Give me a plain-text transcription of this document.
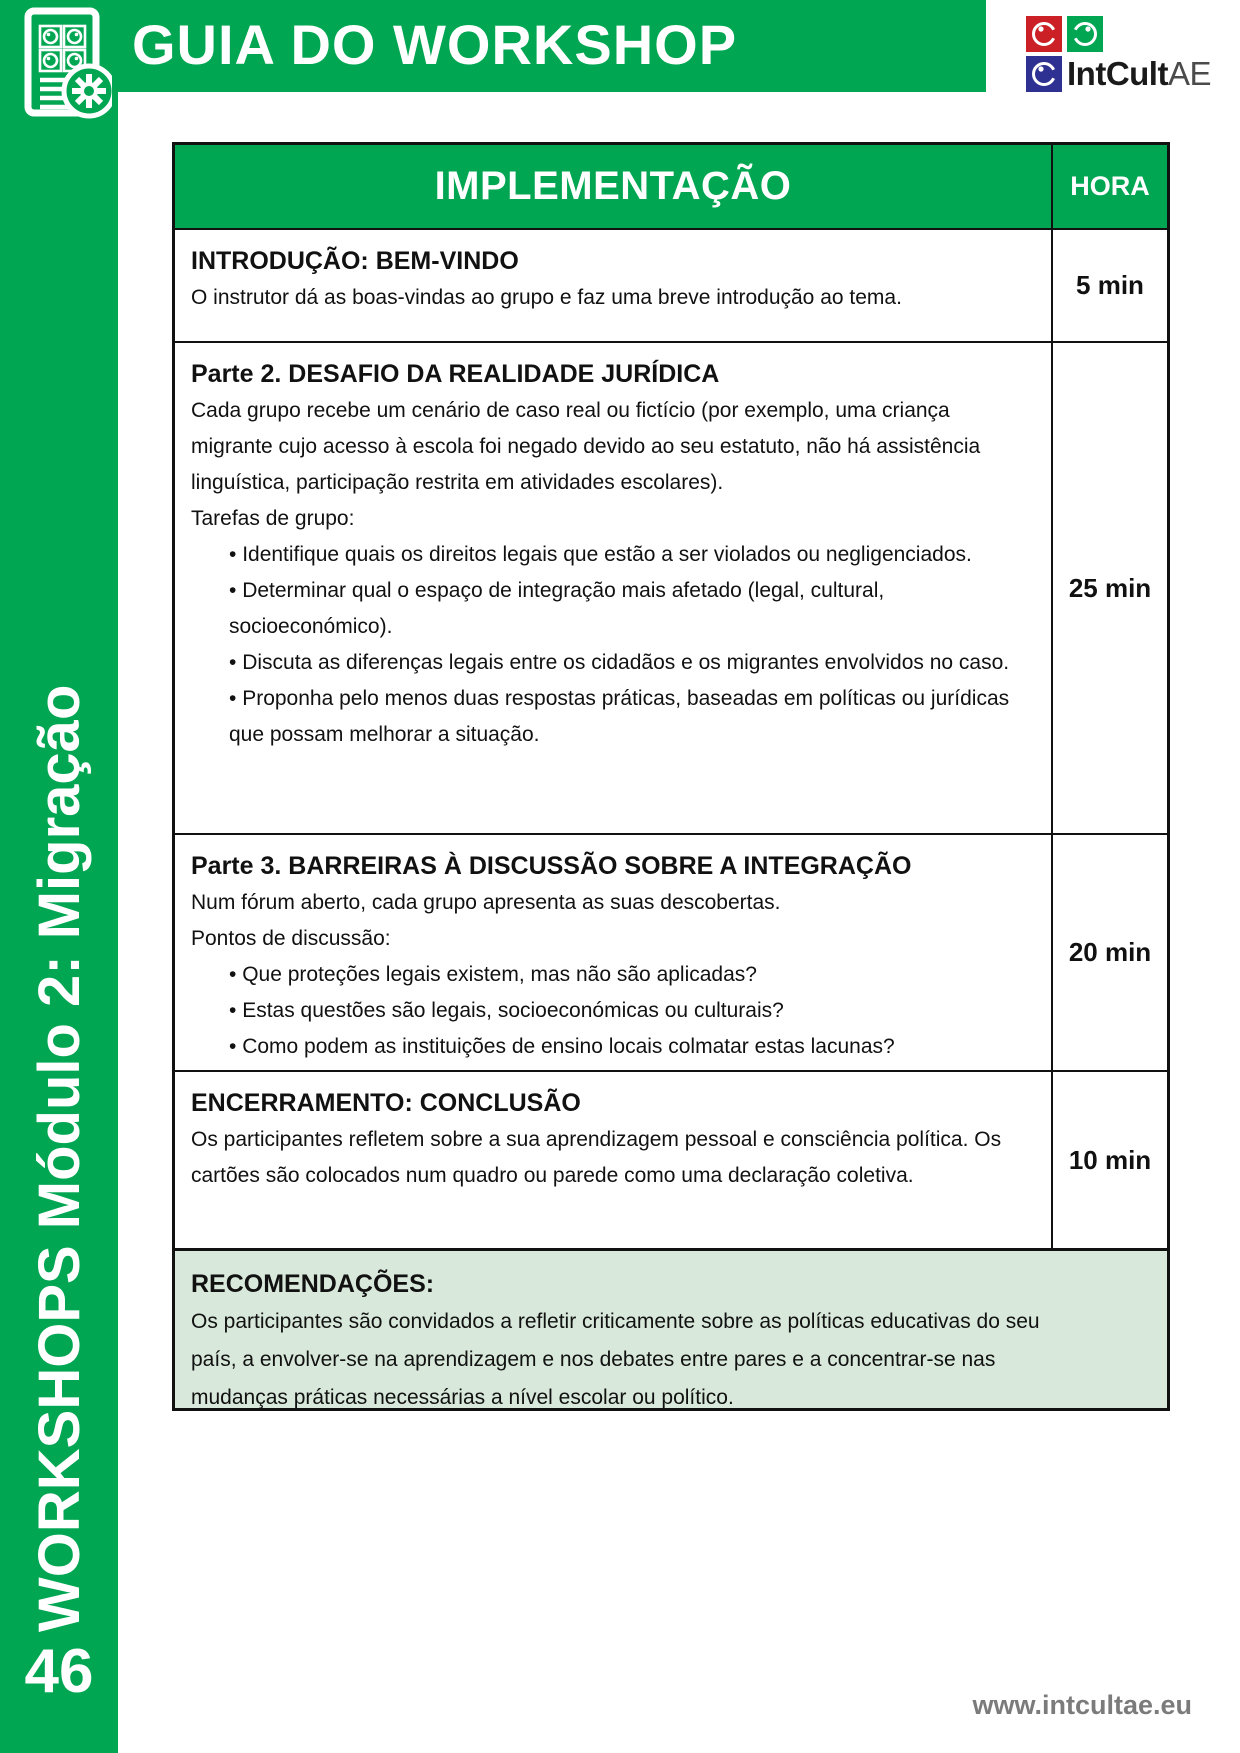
GUIA DO WORKSHOP	IntCultAE
WORKSHOPS Módulo 2: Migração
46
IMPLEMENTAÇÃO	HORA
INTRODUÇÃO: BEM-VINDO
O instrutor dá as boas-vindas ao grupo e faz uma breve introdução ao tema.	5 min
Parte 2. DESAFIO DA REALIDADE JURÍDICA
Cada grupo recebe um cenário de caso real ou fictício (por exemplo, uma criança migrante cujo acesso à escola foi negado devido ao seu estatuto, não há assistência linguística, participação restrita em atividades escolares).
Tarefas de grupo:
• Identifique quais os direitos legais que estão a ser violados ou negligenciados.
• Determinar qual o espaço de integração mais afetado (legal, cultural, socioeconómico).
• Discuta as diferenças legais entre os cidadãos e os migrantes envolvidos no caso.
• Proponha pelo menos duas respostas práticas, baseadas em políticas ou jurídicas que possam melhorar a situação.
25 min
Parte 3. BARREIRAS À DISCUSSÃO SOBRE A INTEGRAÇÃO
Num fórum aberto, cada grupo apresenta as suas descobertas.
Pontos de discussão:
• Que proteções legais existem, mas não são aplicadas?
• Estas questões são legais, socioeconómicas ou culturais?
• Como podem as instituições de ensino locais colmatar estas lacunas?
20 min
ENCERRAMENTO: CONCLUSÃO
Os participantes refletem sobre a sua aprendizagem pessoal e consciência política. Os cartões são colocados num quadro ou parede como uma declaração coletiva.
10 min
RECOMENDAÇÕES:
Os participantes são convidados a refletir criticamente sobre as políticas educativas do seu país, a envolver-se na aprendizagem e nos debates entre pares e a concentrar-se nas mudanças práticas necessárias a nível escolar ou político.
www.intcultae.eu
